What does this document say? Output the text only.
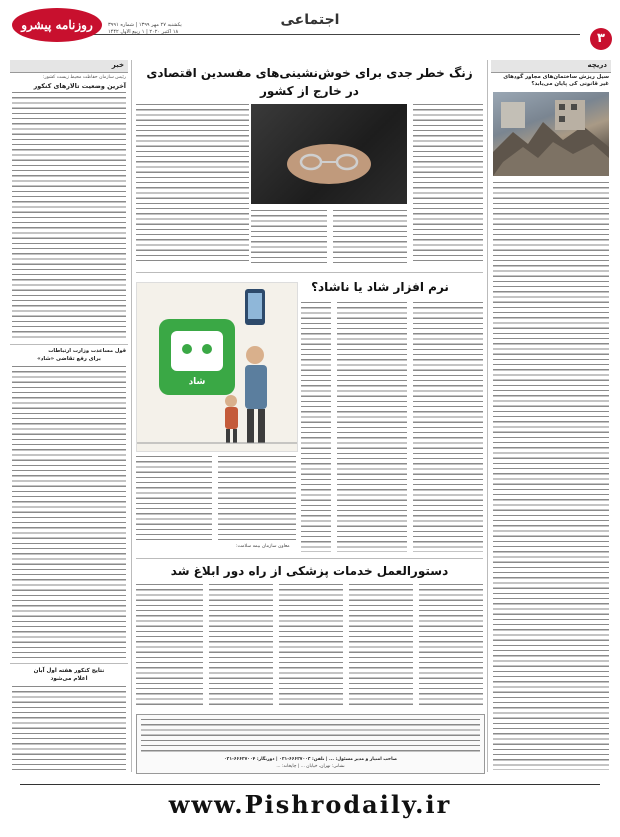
۳
اجتماعی
یکشنبه ۲۷ مهر ۱۳۹۹ | شماره ۳۹۹۱
۱۸ اکتبر ۲۰۲۰ | ۱ ربیع الاول ۱۴۴۲
روزنامه پیشرو
خبر
رئیس سازمان حفاظت محیط زیست کشور:
آخرین وضعیت تالارهای کنکور
قول مساعدت وزارت ارتباطات
برای رفع تقاضی «شاد»
نتایج کنکور هفته اول آبان
اعلام می‌شود
دریچه
سیل ریزش ساختمان‌های مجاور گودهای غیر قانونی کی پایان می‌یابد؟
زنگ خطر جدی برای خوش‌نشینی‌های مفسدین اقتصادی
در خارج از کشور
نرم افزار شاد یا ناشاد؟
شاد
معاون سازمان بیمه سلامت:
دستورالعمل خدمات پزشکی از راه دور ابلاغ شد
صاحب امتیاز و مدیر مسئول: ... | تلفن: ۶۶۶۲۷۰۰۳-۰۲۱ | دورنگار: ۶۶۶۲۷۰۰۴-۰۲۱
نشانی: تهران، خیابان ... | چاپخانه: ...
www.Pishrodaily.ir
